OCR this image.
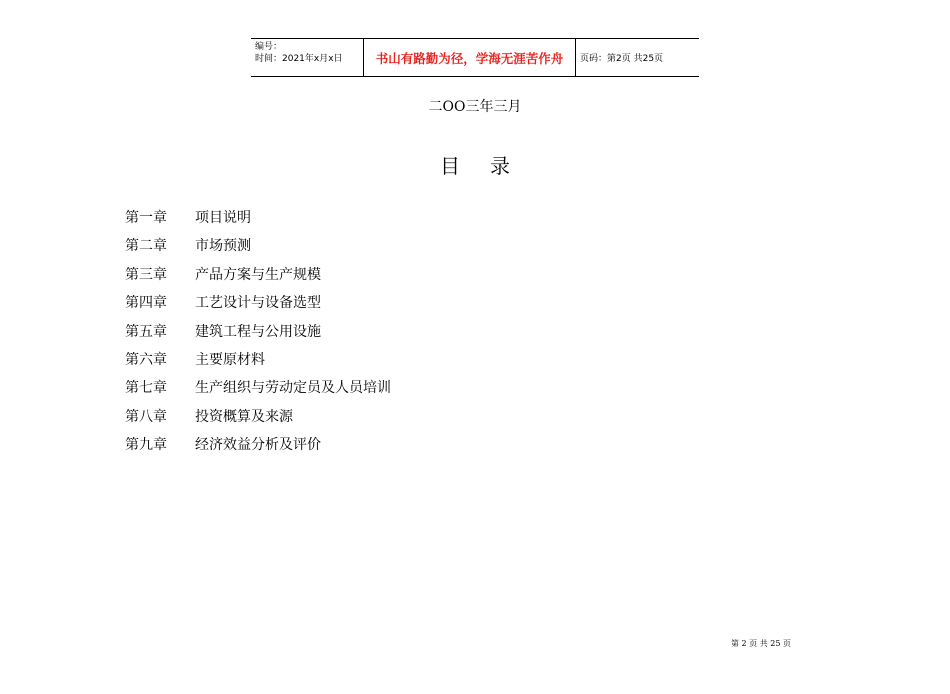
编号：
时间：2021年x月x日	书山有路勤为径，学海无涯苦作舟	页码：第2页 共25页
二OO三年三月
目录
第一章	项目说明
第二章	市场预测
第三章	产品方案与生产规模
第四章	工艺设计与设备选型
第五章	建筑工程与公用设施
第六章	主要原材料
第七章	生产组织与劳动定员及人员培训
第八章	投资概算及来源
第九章	经济效益分析及评价
第 2 页 共 25 页
